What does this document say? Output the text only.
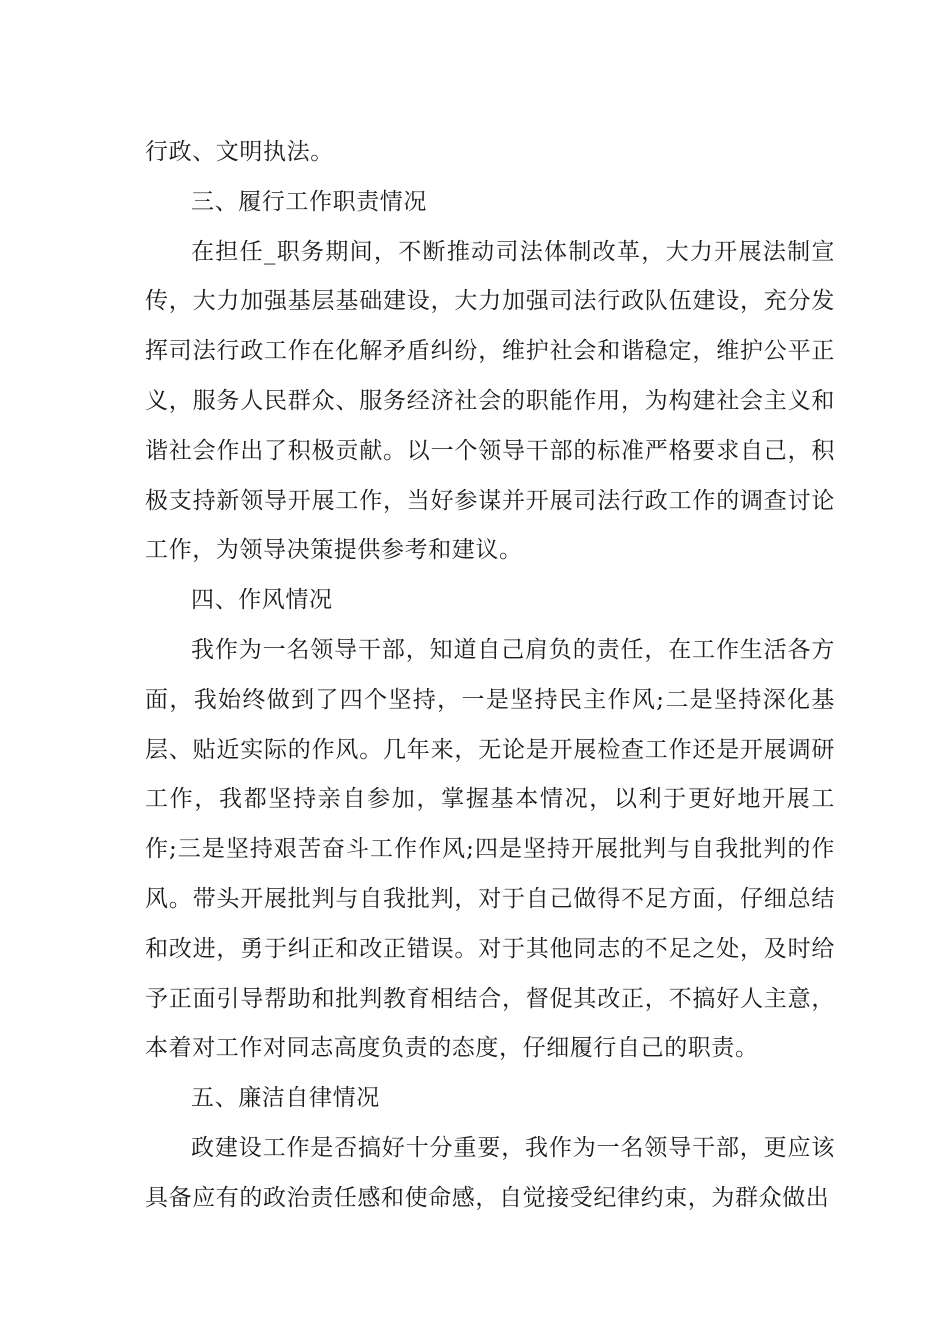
行政、文明执法。

三、履行工作职责情况

在担任_职务期间，不断推动司法体制改革，大力开展法制宣传，大力加强基层基础建设，大力加强司法行政队伍建设，充分发挥司法行政工作在化解矛盾纠纷，维护社会和谐稳定，维护公平正义，服务人民群众、服务经济社会的职能作用，为构建社会主义和谐社会作出了积极贡献。以一个领导干部的标准严格要求自己，积极支持新领导开展工作，当好参谋并开展司法行政工作的调查讨论工作，为领导决策提供参考和建议。

四、作风情况

我作为一名领导干部，知道自己肩负的责任，在工作生活各方面，我始终做到了四个坚持，一是坚持民主作风;二是坚持深化基层、贴近实际的作风。几年来，无论是开展检查工作还是开展调研工作，我都坚持亲自参加，掌握基本情况，以利于更好地开展工作;三是坚持艰苦奋斗工作作风;四是坚持开展批判与自我批判的作风。带头开展批判与自我批判，对于自己做得不足方面，仔细总结和改进，勇于纠正和改正错误。对于其他同志的不足之处，及时给予正面引导帮助和批判教育相结合，督促其改正，不搞好人主意，本着对工作对同志高度负责的态度，仔细履行自己的职责。

五、廉洁自律情况

政建设工作是否搞好十分重要，我作为一名领导干部，更应该具备应有的政治责任感和使命感，自觉接受纪律约束，为群众做出
